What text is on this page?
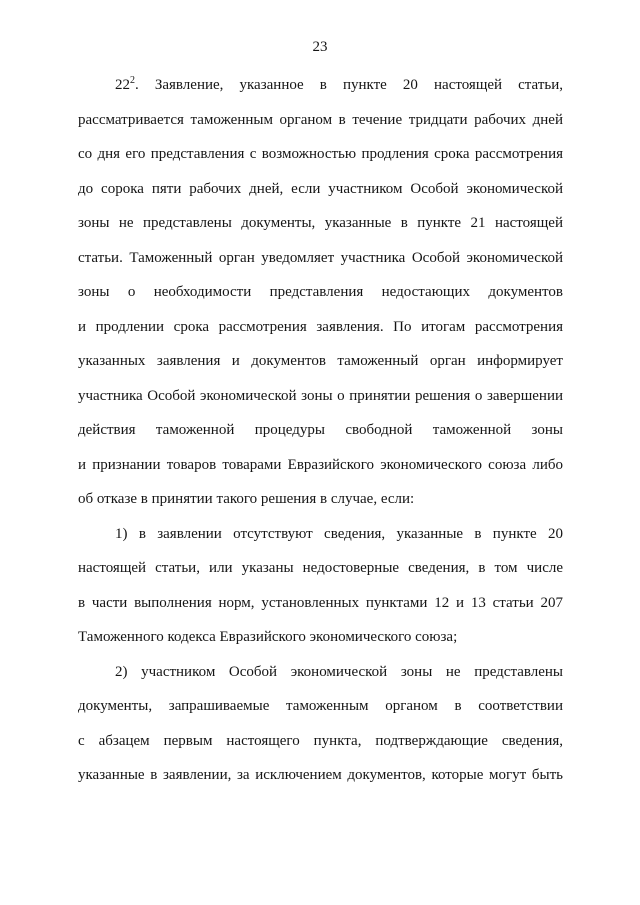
23
$22^2$. Заявление, указанное в пункте 20 настоящей статьи,
рассматривается таможенным органом в течение тридцати рабочих дней
со дня его представления с возможностью продления срока рассмотрения
до сорока пяти рабочих дней, если участником Особой экономической
зоны не представлены документы, указанные в пункте 21 настоящей
статьи. Таможенный орган уведомляет участника Особой экономической
зоны о необходимости представления недостающих документов
и продлении срока рассмотрения заявления. По итогам рассмотрения
указанных заявления и документов таможенный орган информирует
участника Особой экономической зоны о принятии решения о завершении
действия таможенной процедуры свободной таможенной зоны
и признании товаров товарами Евразийского экономического союза либо
об отказе в принятии такого решения в случае, если:
1) в заявлении отсутствуют сведения, указанные в пункте 20
настоящей статьи, или указаны недостоверные сведения, в том числе
в части выполнения норм, установленных пунктами 12 и 13 статьи 207
Таможенного кодекса Евразийского экономического союза;
2) участником Особой экономической зоны не представлены
документы, запрашиваемые таможенным органом в соответствии
с абзацем первым настоящего пункта, подтверждающие сведения,
указанные в заявлении, за исключением документов, которые могут быть
